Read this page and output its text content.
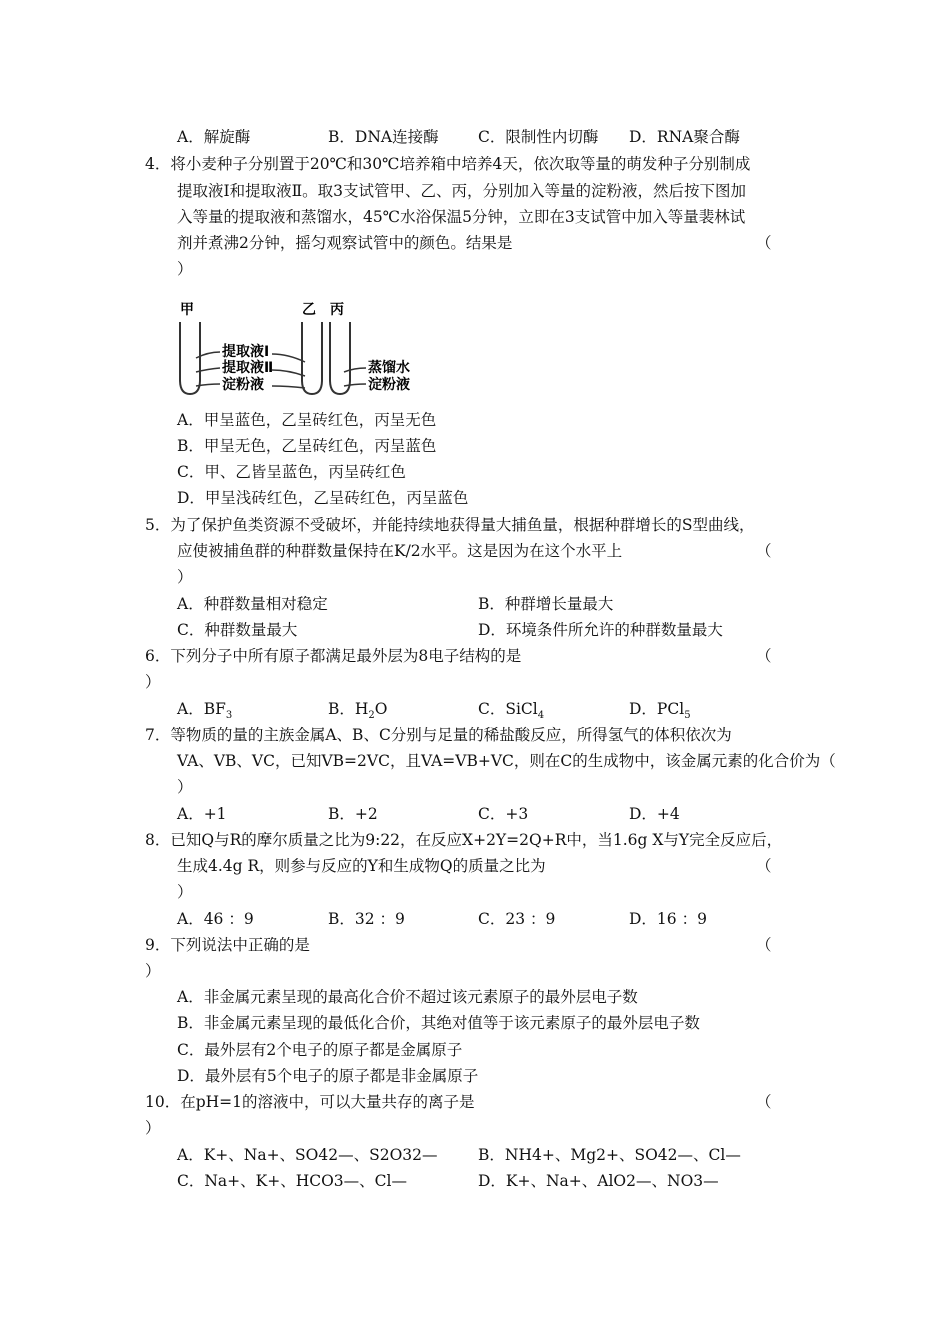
A．解旋酶	B．DNA连接酶	C．限制性内切酶 D．RNA聚合酶
4．将小麦种子分别置于20℃和30℃培养箱中培养4天，依次取等量的萌发种子分别制成
提取液Ⅰ和提取液Ⅱ。取3支试管甲、乙、丙，分别加入等量的淀粉液，然后按下图加
入等量的提取液和蒸馏水，45℃水浴保温5分钟，立即在3支试管中加入等量裴林试
剂并煮沸2分钟，摇匀观察试管中的颜色。结果是	（
）
甲	乙 丙
提取液Ⅰ
提取液Ⅱ
淀粉液
蒸馏水
淀粉液
A．甲呈蓝色，乙呈砖红色，丙呈无色
B．甲呈无色，乙呈砖红色，丙呈蓝色
C．甲、乙皆呈蓝色，丙呈砖红色
D．甲呈浅砖红色，乙呈砖红色，丙呈蓝色
5．为了保护鱼类资源不受破坏，并能持续地获得量大捕鱼量，根据种群增长的S型曲线，
应使被捕鱼群的种群数量保持在K/2水平。这是因为在这个水平上	（
）
A．种群数量相对稳定	B．种群增长量最大
C．种群数量最大	D．环境条件所允许的种群数量最大
6．下列分子中所有原子都满足最外层为8电子结构的是	（
）
A．$BF_3$	B．$H_2O$	C．SiCl$_4$	D．PCl$_5$
7．等物质的量的主族金属A、B、C分别与足量的稀盐酸反应，所得氢气的体积依次为
VA、VB、VC，已知VB=2VC，且VA=VB+VC，则在C的生成物中，该金属元素的化合价为（
）
A．+1	B．+2	C．+3	D．+4
8．已知Q与R的摩尔质量之比为9:22，在反应X+2Y=2Q+R中，当1.6g X与Y完全反应后，
生成4.4g R，则参与反应的Y和生成物Q的质量之比为	（
）
A．46 ：9	B．32 ：9	C．23 ：9	D．16 ：9
9．下列说法中正确的是	（
）
A．非金属元素呈现的最高化合价不超过该元素原子的最外层电子数
B．非金属元素呈现的最低化合价，其绝对值等于该元素原子的最外层电子数
C．最外层有2个电子的原子都是金属原子
D．最外层有5个电子的原子都是非金属原子
10．在pH=1的溶液中，可以大量共存的离子是	（
）
A．K+、Na+、SO42—、S2O32—	B．NH4+、Mg2+、SO42—、Cl—
C．Na+、K+、HCO3—、Cl—	D．K+、Na+、AlO2—、NO3—
